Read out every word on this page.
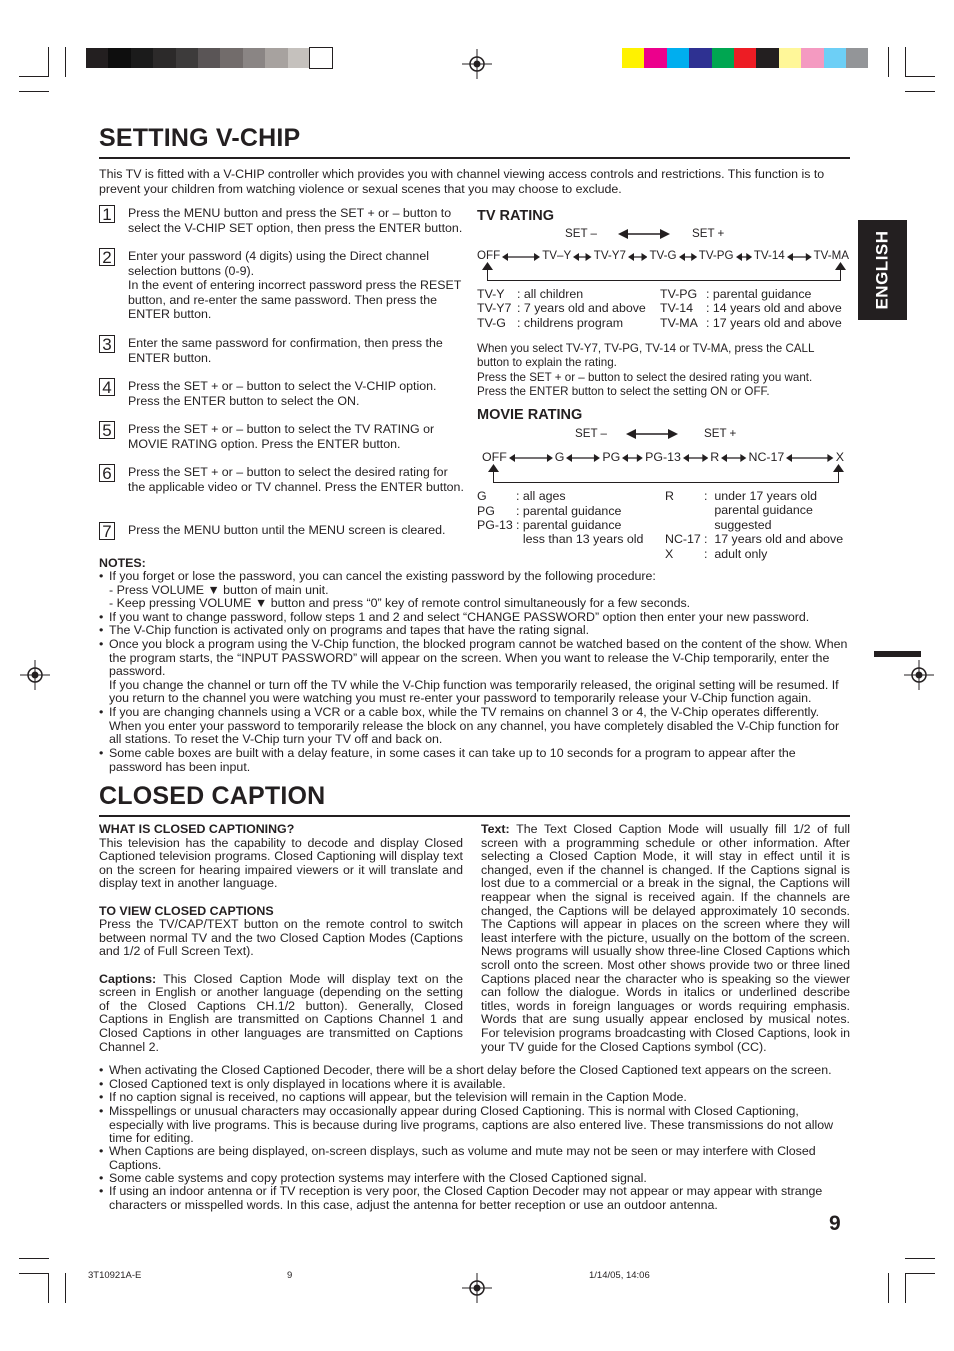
SETTING V-CHIP
This TV is fitted with a V-CHIP controller which provides you with channel viewing access controls and restrictions. This function is to prevent your children from watching violence or sexual scenes that you may choose to exclude.
1 Press the MENU button and press the SET + or – button to select the V-CHIP SET option, then press the ENTER button.
2 Enter your password (4 digits) using the Direct channel selection buttons (0-9).
In the event of entering incorrect password press the RESET button, and re-enter the same password. Then press the ENTER button.
3 Enter the same password for confirmation, then press the ENTER button.
4 Press the SET + or – button to select the V-CHIP option. Press the ENTER button to select the ON.
5 Press the SET + or – button to select the TV RATING or MOVIE RATING option. Press the ENTER button.
6 Press the SET + or – button to select the desired rating for the applicable video or TV channel. Press the ENTER button.
7 Press the MENU button until the MENU screen is cleared.
TV RATING
SET –	SET +
OFF	TV–Y TV-Y7 TV-G TV-PG TV-14 TV-MA
TV-Y : all children
TV-Y7 : 7 years old and above
TV-G : childrens program
TV-PG : parental guidance
TV-14 : 14 years old and above
TV-MA : 17 years old and above
When you select TV-Y7, TV-PG, TV-14 or TV-MA, press the CALL button to explain the rating.
Press the SET + or – button to select the desired rating you want.
Press the ENTER button to select the setting ON or OFF.
MOVIE RATING
SET –	SET +
OFF	G	PG PG-13 R NC-17	X
G : all ages
PG : parental guidance
PG-13 : parental guidance
less than 13 years old
R :  under 17 years old
parental guidance
suggested
NC-17 :  17 years old and above
X :  adult only
ENGLISH
NOTES:
• If you forget or lose the password, you can cancel the existing password by the following procedure:
- Press VOLUME ▼ button of main unit.
- Keep pressing VOLUME ▼ button and press “0” key of remote control simultaneously for a few seconds.
• If you want to change password, follow steps 1 and 2 and select “CHANGE PASSWORD” option then enter your new password.
• The V-Chip function is activated only on programs and tapes that have the rating signal.
• Once you block a program using the V-Chip function, the blocked program cannot be watched based on the content of the show. When the program starts, the “INPUT PASSWORD” will appear on the screen. When you want to release the V-Chip temporarily, enter the password.
If you change the channel or turn off the TV while the V-Chip function was temporarily released, the original setting will be resumed. If you return to the channel you were watching you must re-enter your password to temporarily release your V-Chip function again.
• If you are changing channels using a VCR or a cable box, while the TV remains on channel 3 or 4, the V-Chip operates differently. When you enter your password to temporarily release the block on any channel, you have completely disabled the V-Chip function for all stations. To reset the V-Chip turn your TV off and back on.
• Some cable boxes are built with a delay feature, in some cases it can take up to 10 seconds for a program to appear after the password has been input.
CLOSED CAPTION
WHAT IS CLOSED CAPTIONING?
This television has the capability to decode and display Closed Captioned television programs. Closed Captioning will display text on the screen for hearing impaired viewers or it will translate and display text in another language.
TO VIEW CLOSED CAPTIONS
Press the TV/CAP/TEXT button on the remote control to switch between normal TV and the two Closed Caption Modes (Captions and 1/2 of Full Screen Text).
Captions: This Closed Caption Mode will display text on the screen in English or another language (depending on the setting of the Closed Captions CH.1/2 button). Generally, Closed Captions in English are transmitted on Captions Channel 1 and Closed Captions in other languages are transmitted on Captions Channel 2.
Text: The Text Closed Caption Mode will usually fill 1/2 of full screen with a programming schedule or other information. After selecting a Closed Caption Mode, it will stay in effect until it is changed, even if the channel is changed. If the Captions signal is lost due to a commercial or a break in the signal, the Captions will reappear when the signal is received again. If the channels are changed, the Captions will be delayed approximately 10 seconds. The Captions will appear in places on the screen where they will least interfere with the picture, usually on the bottom of the screen. News programs will usually show three-line Closed Captions which scroll onto the screen. Most other shows provide two or three lined Captions placed near the character who is speaking so the viewer can follow the dialogue. Words in italics or underlined describe titles, words in foreign languages or words requiring emphasis. Words that are sung usually appear enclosed by musical notes. For television programs broadcasting with Closed Captions, look in your TV guide for the Closed Captions symbol (CC).
• When activating the Closed Captioned Decoder, there will be a short delay before the Closed Captioned text appears on the screen.
• Closed Captioned text is only displayed in locations where it is available.
• If no caption signal is received, no captions will appear, but the television will remain in the Caption Mode.
• Misspellings or unusual characters may occasionally appear during Closed Captioning. This is normal with Closed Captioning, especially with live programs. This is because during live programs, captions are also entered live. These transmissions do not allow time for editing.
• When Captions are being displayed, on-screen displays, such as volume and mute may not be seen or may interfere with Closed Captions.
• Some cable systems and copy protection systems may interfere with the Closed Captioned signal.
• If using an indoor antenna or if TV reception is very poor, the Closed Caption Decoder may not appear or may appear with strange characters or misspelled words. In this case, adjust the antenna for better reception or use an outdoor antenna.
9
3T10921A-E	9	1/14/05, 14:06
